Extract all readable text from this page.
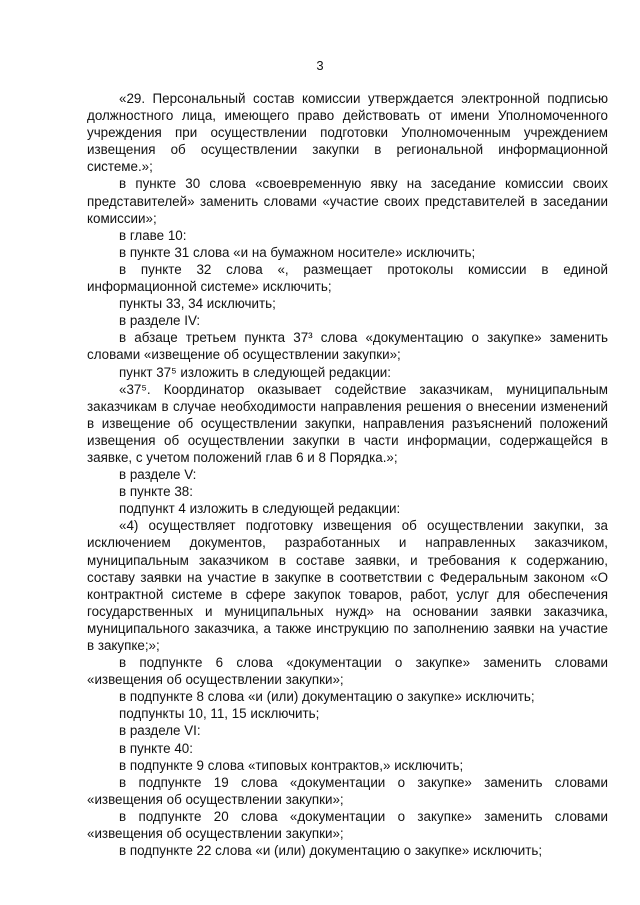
3

«29. Персональный состав комиссии утверждается электронной подписью должностного лица, имеющего право действовать от имени Уполномоченного учреждения при осуществлении подготовки Уполномоченным учреждением извещения об осуществлении закупки в региональной информационной системе.»;

в пункте 30 слова «своевременную явку на заседание комиссии своих представителей» заменить словами «участие своих представителей в заседании комиссии»;

в главе 10:

в пункте 31 слова «и на бумажном носителе» исключить;

в пункте 32 слова «, размещает протоколы комиссии в единой информационной системе» исключить;

пункты 33, 34 исключить;

в разделе IV:

в абзаце третьем пункта 37³ слова «документацию о закупке» заменить словами «извещение об осуществлении закупки»;

пункт 37⁵ изложить в следующей редакции:

«37⁵. Координатор оказывает содействие заказчикам, муниципальным заказчикам в случае необходимости направления решения о внесении изменений в извещение об осуществлении закупки, направления разъяснений положений извещения об осуществлении закупки в части информации, содержащейся в заявке, с учетом положений глав 6 и 8 Порядка.»;

в разделе V:

в пункте 38:

подпункт 4 изложить в следующей редакции:

«4) осуществляет подготовку извещения об осуществлении закупки, за исключением документов, разработанных и направленных заказчиком, муниципальным заказчиком в составе заявки, и требования к содержанию, составу заявки на участие в закупке в соответствии с Федеральным законом «О контрактной системе в сфере закупок товаров, работ, услуг для обеспечения государственных и муниципальных нужд» на основании заявки заказчика, муниципального заказчика, а также инструкцию по заполнению заявки на участие в закупке;»;

в подпункте 6 слова «документации о закупке» заменить словами «извещения об осуществлении закупки»;

в подпункте 8 слова «и (или) документацию о закупке» исключить;

подпункты 10, 11, 15 исключить;

в разделе VI:

в пункте 40:

в подпункте 9 слова «типовых контрактов,» исключить;

в подпункте 19 слова «документации о закупке» заменить словами «извещения об осуществлении закупки»;

в подпункте 20 слова «документации о закупке» заменить словами «извещения об осуществлении закупки»;

в подпункте 22 слова «и (или) документацию о закупке» исключить;
